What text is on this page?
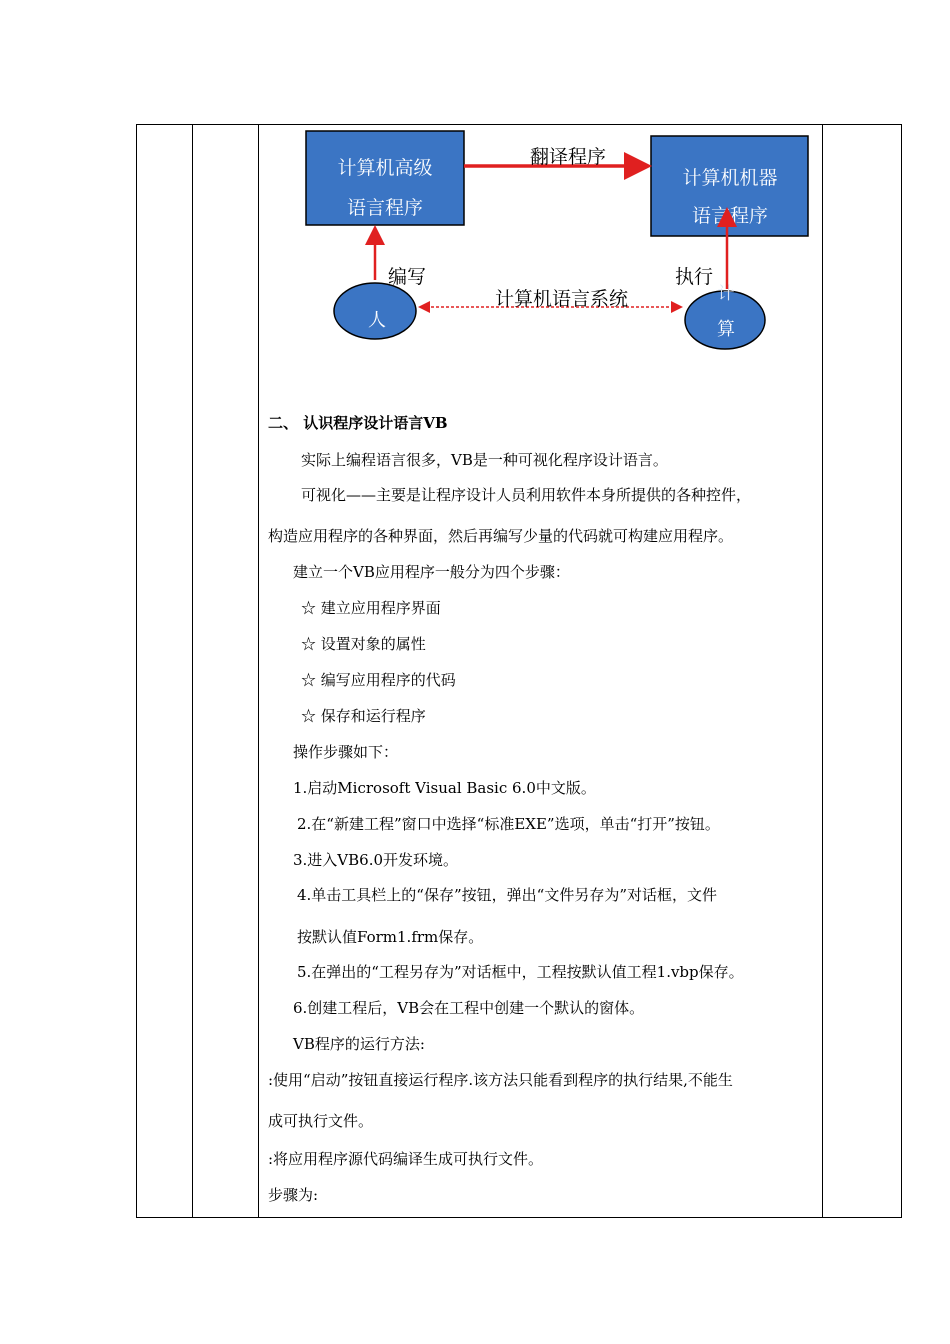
计算机高级
语言程序
计算机机器
语言程序
翻译程序
人
计
算
编写	执行
计算机语言系统
二、 认识程序设计语言VB
实际上编程语言很多，VB是一种可视化程序设计语言。
可视化——主要是让程序设计人员利用软件本身所提供的各种控件，
构造应用程序的各种界面，然后再编写少量的代码就可构建应用程序。
建立一个VB应用程序一般分为四个步骤：
☆ 建立应用程序界面
☆ 设置对象的属性
☆ 编写应用程序的代码
☆ 保存和运行程序
操作步骤如下：
1.启动Microsoft Visual Basic 6.0中文版。
2.在“新建工程”窗口中选择“标准EXE”选项，单击“打开”按钮。
3.进入VB6.0开发环境。
4.单击工具栏上的“保存”按钮，弹出“文件另存为”对话框，文件
按默认值Form1.frm保存。
5.在弹出的“工程另存为”对话框中，工程按默认值工程1.vbp保存。
6.创建工程后，VB会在工程中创建一个默认的窗体。
VB程序的运行方法:
:使用“启动”按钮直接运行程序.该方法只能看到程序的执行结果,不能生
成可执行文件。
:将应用程序源代码编译生成可执行文件。
步骤为:
